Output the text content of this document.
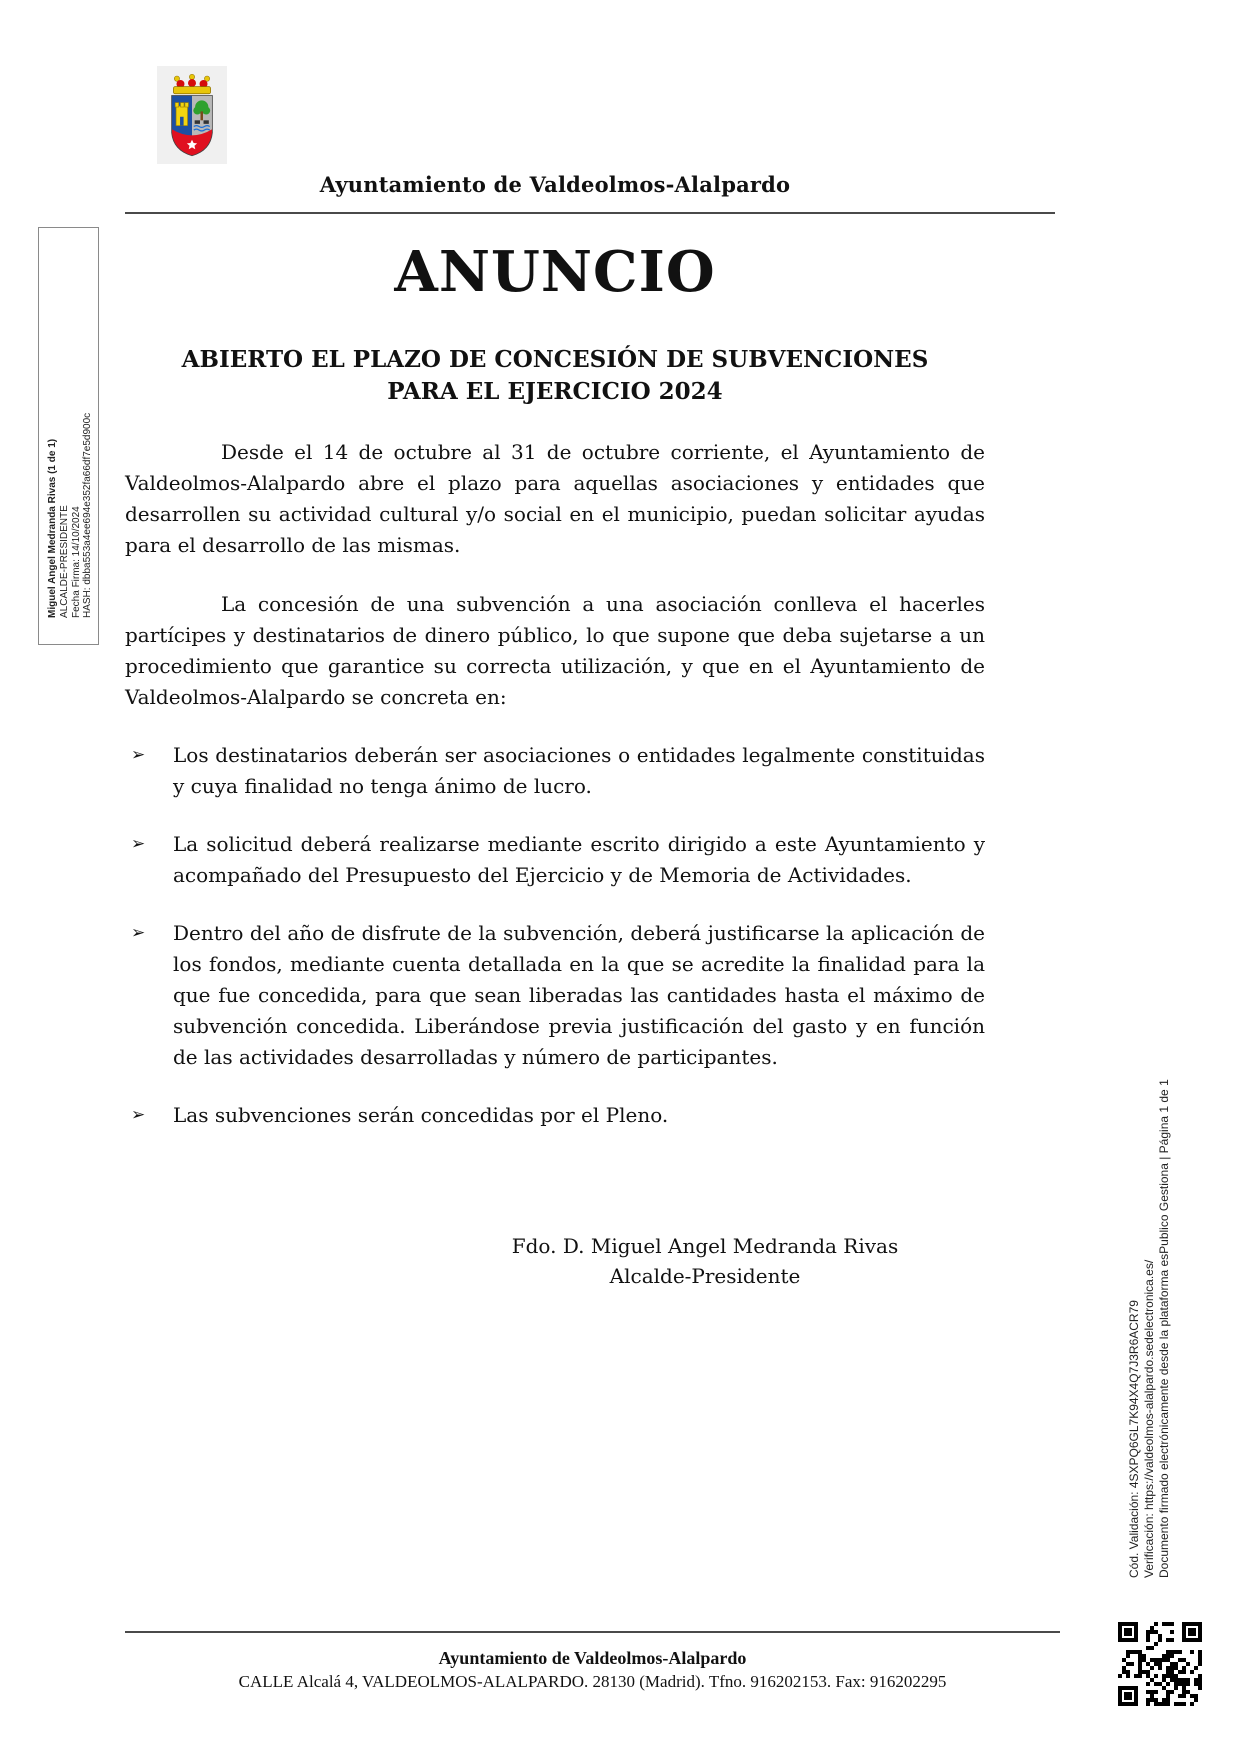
Ayuntamiento de Valdeolmos-Alalpardo
Miguel Angel Medranda Rivas (1 de 1) ALCALDE-PRESIDENTE Fecha Firma: 14/10/2024 HASH: dbba553a4ee694e352fa66df7e5d900c
Cód. Validación: 4SXPQ6GL7K94X4Q7J3R6ACR79 Verificación: https://valdeolmos-alalpardo.sedelectronica.es/ Documento firmado electrónicamente desde la plataforma esPublico Gestiona | Página 1 de 1
ANUNCIO
ABIERTO EL PLAZO DE CONCESIÓN DE SUBVENCIONES
PARA EL EJERCICIO 2024

Desde el 14 de octubre al 31 de octubre corriente, el Ayuntamiento de Valdeolmos-Alalpardo abre el plazo para aquellas asociaciones y entidades que desarrollen su actividad cultural y/o social en el municipio, puedan solicitar ayudas para el desarrollo de las mismas.

La concesión de una subvención a una asociación conlleva el hacerles partícipes y destinatarios de dinero público, lo que supone que deba sujetarse a un procedimiento que garantice su correcta utilización, y que en el Ayuntamiento de Valdeolmos-Alalpardo se concreta en:

➢	Los destinatarios deberán ser asociaciones o entidades legalmente constituidas y cuya finalidad no tenga ánimo de lucro.
➢	La solicitud deberá realizarse mediante escrito dirigido a este Ayuntamiento y acompañado del Presupuesto del Ejercicio y de Memoria de Actividades.
➢	Dentro del año de disfrute de la subvención, deberá justificarse la aplicación de los fondos, mediante cuenta detallada en la que se acredite la finalidad para la que fue concedida, para que sean liberadas las cantidades hasta el máximo de subvención concedida. Liberándose previa justificación del gasto y en función de las actividades desarrolladas y número de participantes.
➢	Las subvenciones serán concedidas por el Pleno.
Fdo. D. Miguel Angel Medranda Rivas
Alcalde-Presidente
Ayuntamiento de Valdeolmos-Alalpardo
CALLE Alcalá 4, VALDEOLMOS-ALALPARDO. 28130 (Madrid). Tfno. 916202153. Fax: 916202295
